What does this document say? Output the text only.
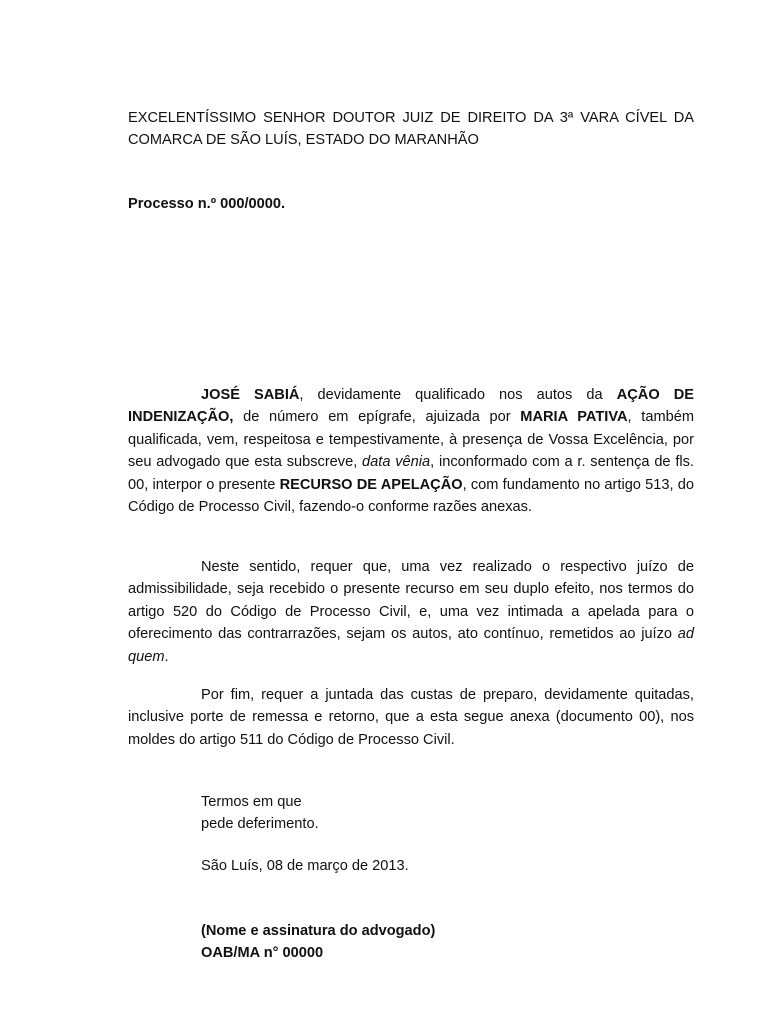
EXCELENTÍSSIMO SENHOR DOUTOR JUIZ DE DIREITO DA 3ª VARA CÍVEL DA COMARCA DE SÃO LUÍS, ESTADO DO MARANHÃO

Processo n.º 000/0000.

JOSÉ SABIÁ, devidamente qualificado nos autos da AÇÃO DE INDENIZAÇÃO, de número em epígrafe, ajuizada por MARIA PATIVA, também qualificada, vem, respeitosa e tempestivamente, à presença de Vossa Excelência, por seu advogado que esta subscreve, data vênia, inconformado com a r. sentença de fls. 00, interpor o presente RECURSO DE APELAÇÃO, com fundamento no artigo 513, do Código de Processo Civil, fazendo-o conforme razões anexas.

Neste sentido, requer que, uma vez realizado o respectivo juízo de admissibilidade, seja recebido o presente recurso em seu duplo efeito, nos termos do artigo 520 do Código de Processo Civil, e, uma vez intimada a apelada para o oferecimento das contrarrazões, sejam os autos, ato contínuo, remetidos ao juízo ad quem.

Por fim, requer a juntada das custas de preparo, devidamente quitadas, inclusive porte de remessa e retorno, que a esta segue anexa (documento 00), nos moldes do artigo 511 do Código de Processo Civil.

Termos em que

pede deferimento.

São Luís, 08 de março de 2013.

(Nome e assinatura do advogado)

OAB/MA n° 00000
